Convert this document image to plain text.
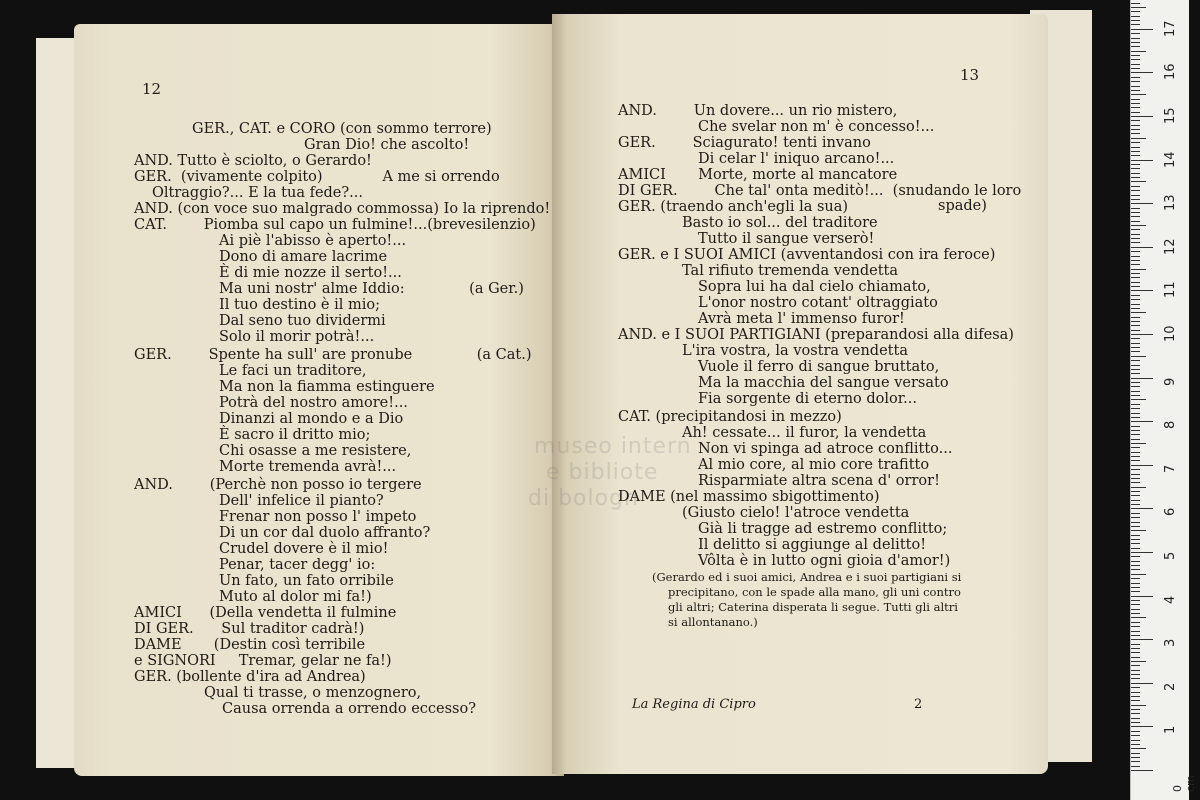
12
GER., CAT. e CORO (con sommo terrore)
Gran Dio! che ascolto!
AND. Tutto è sciolto, o Gerardo!
GER.  (vivamente colpito)             A me si orrendo
Oltraggio?... E la tua fede?...
AND. (con voce suo malgrado commossa) Io la riprendo!
CAT.        Piomba sul capo un fulmine!...(brevesilenzio)
Ai piè l'abisso è aperto!...
Dono di amare lacrime
È di mie nozze il serto!...
Ma uni nostr' alme Iddio:              (a Ger.)
Il tuo destino è il mio;
Dal seno tuo dividermi
Solo il morir potrà!...
GER.        Spente ha sull' are pronube              (a Cat.)
Le faci un traditore,
Ma non la fiamma estinguere
Potrà del nostro amore!...
Dinanzi al mondo e a Dio
È sacro il dritto mio;
Chi osasse a me resistere,
Morte tremenda avrà!...
AND.        (Perchè non posso io tergere
Dell' infelice il pianto?
Frenar non posso l' impeto
Di un cor dal duolo affranto?
Crudel dovere è il mio!
Penar, tacer degg' io:
Un fato, un fato orribile
Muto al dolor mi fa!)
AMICI      (Della vendetta il fulmine
DI GER.      Sul traditor cadrà!)
DAME       (Destin così terribile
e SIGNORI     Tremar, gelar ne fa!)
GER. (bollente d'ira ad Andrea)
Qual ti trasse, o menzognero,
Causa orrenda a orrendo eccesso?
13
museo intern
e bibliote
di bologn
AND.        Un dovere... un rio mistero,
Che svelar non m' è concesso!...
GER.        Sciagurato! tenti invano
Di celar l' iniquo arcano!...
AMICI       Morte, morte al mancatore
DI GER.        Che tal' onta meditò!...  (snudando le loro
spade)
GER. (traendo anch'egli la sua)
Basto io sol... del traditore
Tutto il sangue verserò!
GER. e I SUOI AMICI (avventandosi con ira feroce)
Tal rifiuto tremenda vendetta
Sopra lui ha dal cielo chiamato,
L'onor nostro cotant' oltraggiato
Avrà meta l' immenso furor!
AND. e I SUOI PARTIGIANI (preparandosi alla difesa)
L'ira vostra, la vostra vendetta
Vuole il ferro di sangue bruttato,
Ma la macchia del sangue versato
Fia sorgente di eterno dolor...
CAT. (precipitandosi in mezzo)
Ah! cessate... il furor, la vendetta
Non vi spinga ad atroce conflitto...
Al mio core, al mio core trafitto
Risparmiate altra scena d' orror!
DAME (nel massimo sbigottimento)
(Giusto cielo! l'atroce vendetta
Già li tragge ad estremo conflitto;
Il delitto si aggiunge al delitto!
Vôlta è in lutto ogni gioia d'amor!)
(Gerardo ed i suoi amici, Andrea e i suoi partigiani si
precipitano, con le spade alla mano, gli uni contro
gli altri; Caterina disperata li segue. Tutti gli altri
si allontanano.)
La Regina di Cipro	2
1
2
3
4
5
6
7
8
9
10
11
12
13
14
15
16
17
0 cm
